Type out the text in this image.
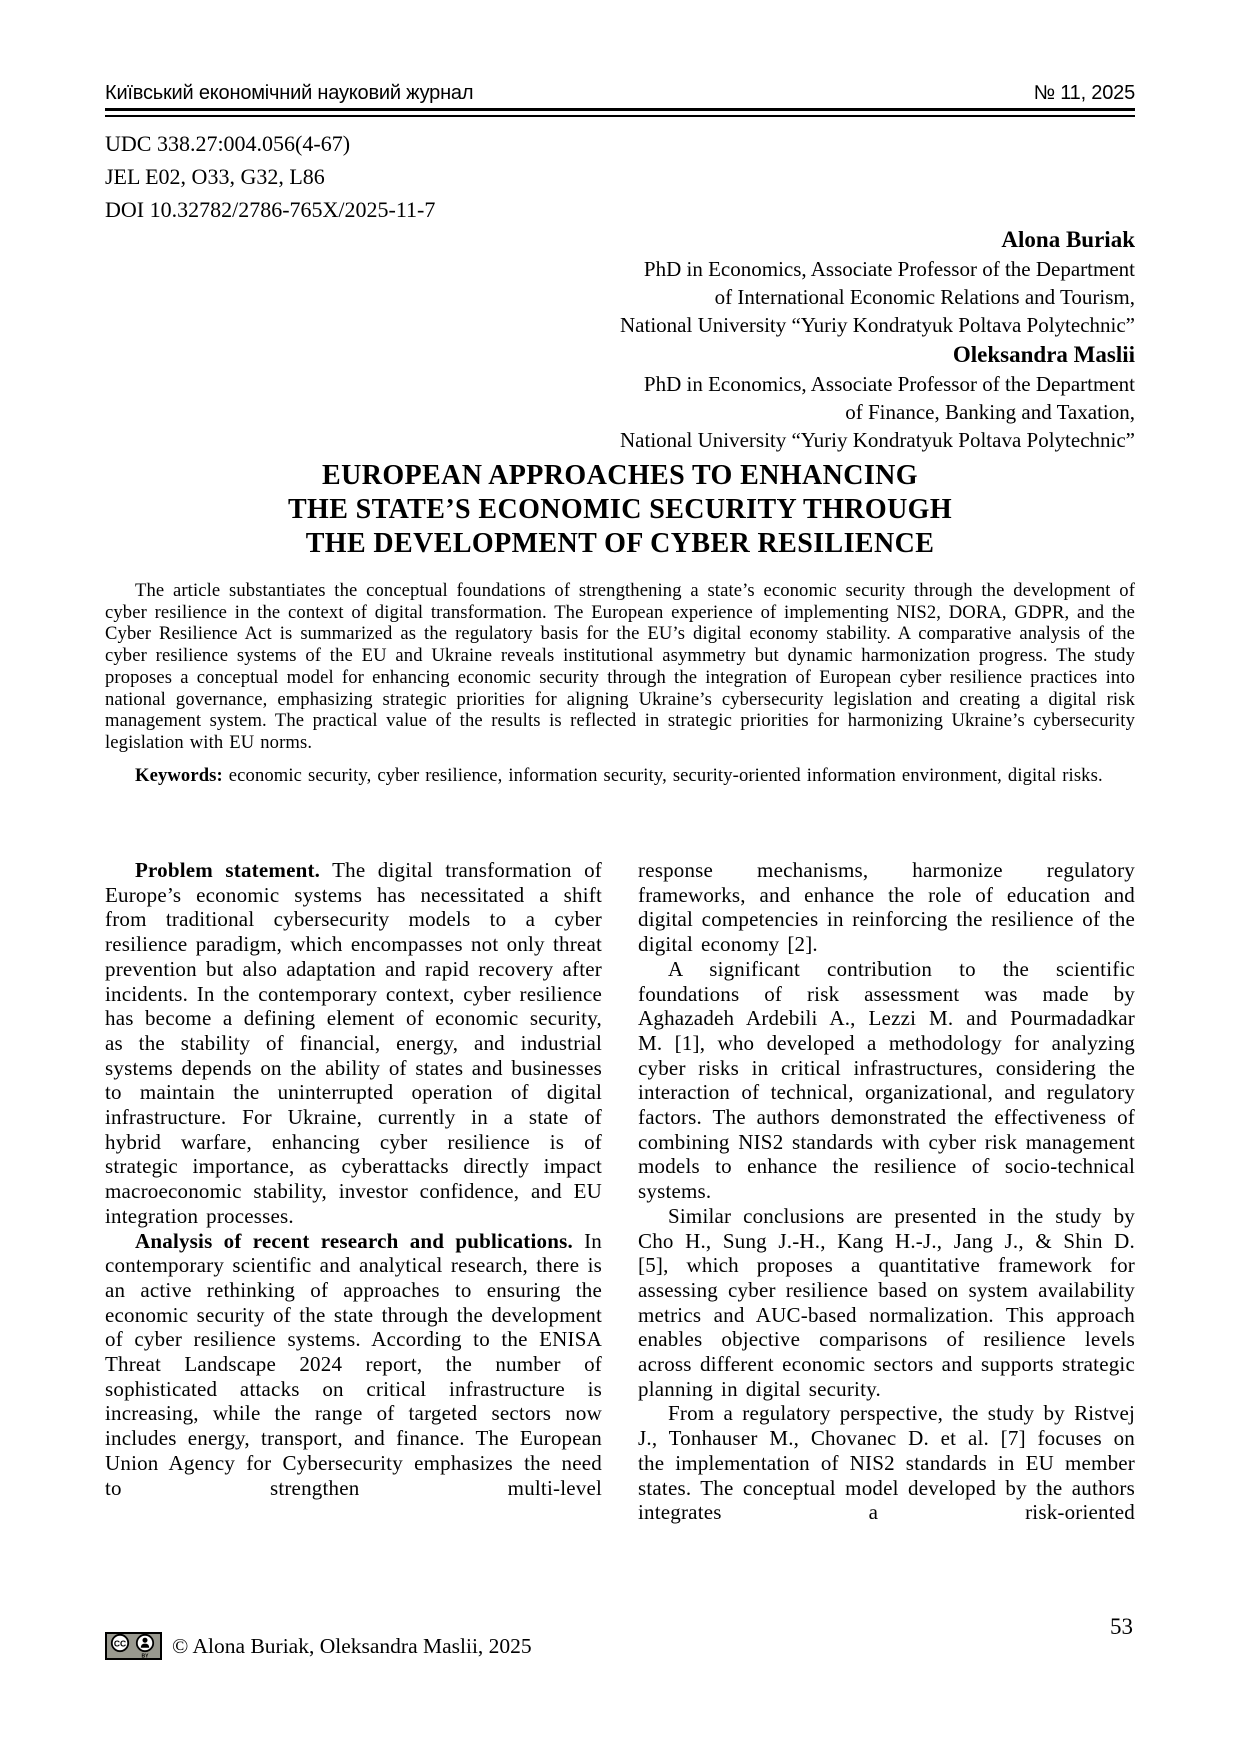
Київський економічний науковий журнал	№ 11, 2025
UDC 338.27:004.056(4-67)
JEL E02, O33, G32, L86
DOI 10.32782/2786-765X/2025-11-7
Alona Buriak
PhD in Economics, Associate Professor of the Department
of International Economic Relations and Tourism,
National University “Yuriy Kondratyuk Poltava Polytechnic”
Oleksandra Maslii
PhD in Economics, Associate Professor of the Department
of Finance, Banking and Taxation,
National University “Yuriy Kondratyuk Poltava Polytechnic”
EUROPEAN APPROACHES TO ENHANCING
THE STATE’S ECONOMIC SECURITY THROUGH
THE DEVELOPMENT OF CYBER RESILIENCE

The article substantiates the conceptual foundations of strengthening a state’s economic security through the development of cyber resilience in the context of digital transformation. The European experience of implementing NIS2, DORA, GDPR, and the Cyber Resilience Act is summarized as the regulatory basis for the EU’s digital economy stability. A comparative analysis of the cyber resilience systems of the EU and Ukraine reveals institutional asymmetry but dynamic harmonization progress. The study proposes a conceptual model for enhancing economic security through the integration of European cyber resilience practices into national governance, emphasizing strategic priorities for aligning Ukraine’s cybersecurity legislation and creating a digital risk management system. The practical value of the results is reflected in strategic priorities for harmonizing Ukraine’s cybersecurity legislation with EU norms.

Keywords: economic security, cyber resilience, information security, security-oriented information environment, digital risks.

Problem statement. The digital transformation of Europe’s economic systems has necessitated a shift from traditional cybersecurity models to a cyber resilience paradigm, which encompasses not only threat prevention but also adaptation and rapid recovery after incidents. In the contemporary context, cyber resilience has become a defining element of economic security, as the stability of financial, energy, and industrial systems depends on the ability of states and businesses to maintain the uninterrupted operation of digital infrastructure. For Ukraine, currently in a state of hybrid warfare, enhancing cyber resilience is of strategic importance, as cyberattacks directly impact macroeconomic stability, investor confidence, and EU integration processes.

Analysis of recent research and publications. In contemporary scientific and analytical research, there is an active rethinking of approaches to ensuring the economic security of the state through the development of cyber resilience systems. According to the ENISA Threat Landscape 2024 report, the number of sophisticated attacks on critical infrastructure is increasing, while the range of targeted sectors now includes energy, transport, and finance. The European Union Agency for Cybersecurity emphasizes the need to strengthen multi-level

response mechanisms, harmonize regulatory frameworks, and enhance the role of education and digital competencies in reinforcing the resilience of the digital economy [2].

A significant contribution to the scientific foundations of risk assessment was made by Aghazadeh Ardebili A., Lezzi M. and Pourmadadkar M. [1], who developed a methodology for analyzing cyber risks in critical infrastructures, considering the interaction of technical, organizational, and regulatory factors. The authors demonstrated the effectiveness of combining NIS2 standards with cyber risk management models to enhance the resilience of socio-technical systems.

Similar conclusions are presented in the study by Cho H., Sung J.-H., Kang H.-J., Jang J., & Shin D. [5], which proposes a quantitative framework for assessing cyber resilience based on system availability metrics and AUC-based normalization. This approach enables objective comparisons of resilience levels across different economic sectors and supports strategic planning in digital security.

From a regulatory perspective, the study by Ristvej J., Tonhauser M., Chovanec D. et al. [7] focuses on the implementation of NIS2 standards in EU member states. The conceptual model developed by the authors integrates a risk-oriented

CC
BY © Alona Buriak, Oleksandra Maslii, 2025
53
